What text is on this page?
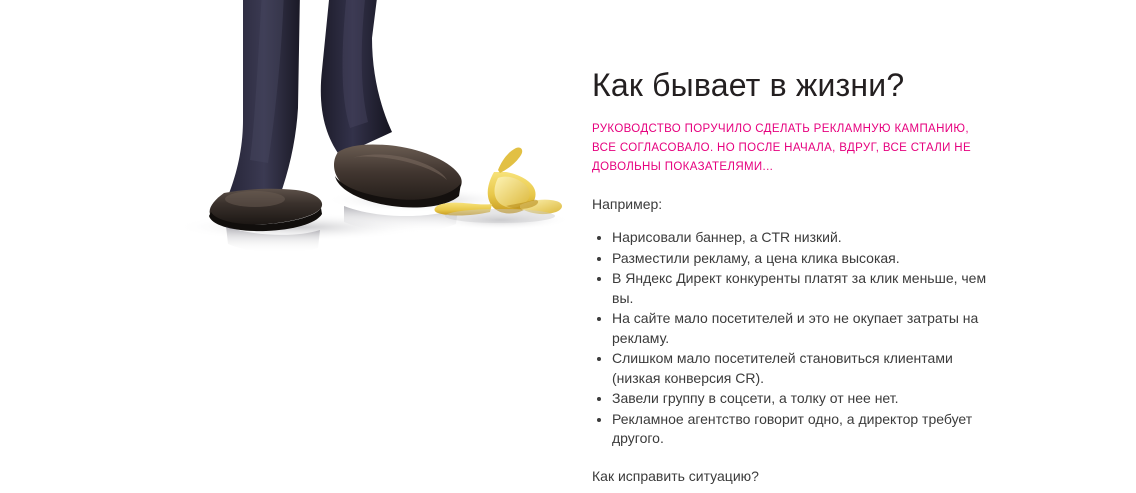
Как бывает в жизни?

РУКОВОДСТВО ПОРУЧИЛО СДЕЛАТЬ РЕКЛАМНУЮ КАМПАНИЮ, ВСЕ СОГЛАСОВАЛО. НО ПОСЛЕ НАЧАЛА, ВДРУГ, ВСЕ СТАЛИ НЕ ДОВОЛЬНЫ ПОКАЗАТЕЛЯМИ...

Например:
Нарисовали баннер, а CTR низкий.
Разместили рекламу, а цена клика высокая.
В Яндекс Директ конкуренты платят за клик меньше, чем вы.
На сайте мало посетителей и это не окупает затраты на рекламу.
Слишком мало посетителей становиться клиентами (низкая конверсия CR).
Завели группу в соцсети, а толку от нее нет.
Рекламное агентство говорит одно, а директор требует другого.
Как исправить ситуацию?
